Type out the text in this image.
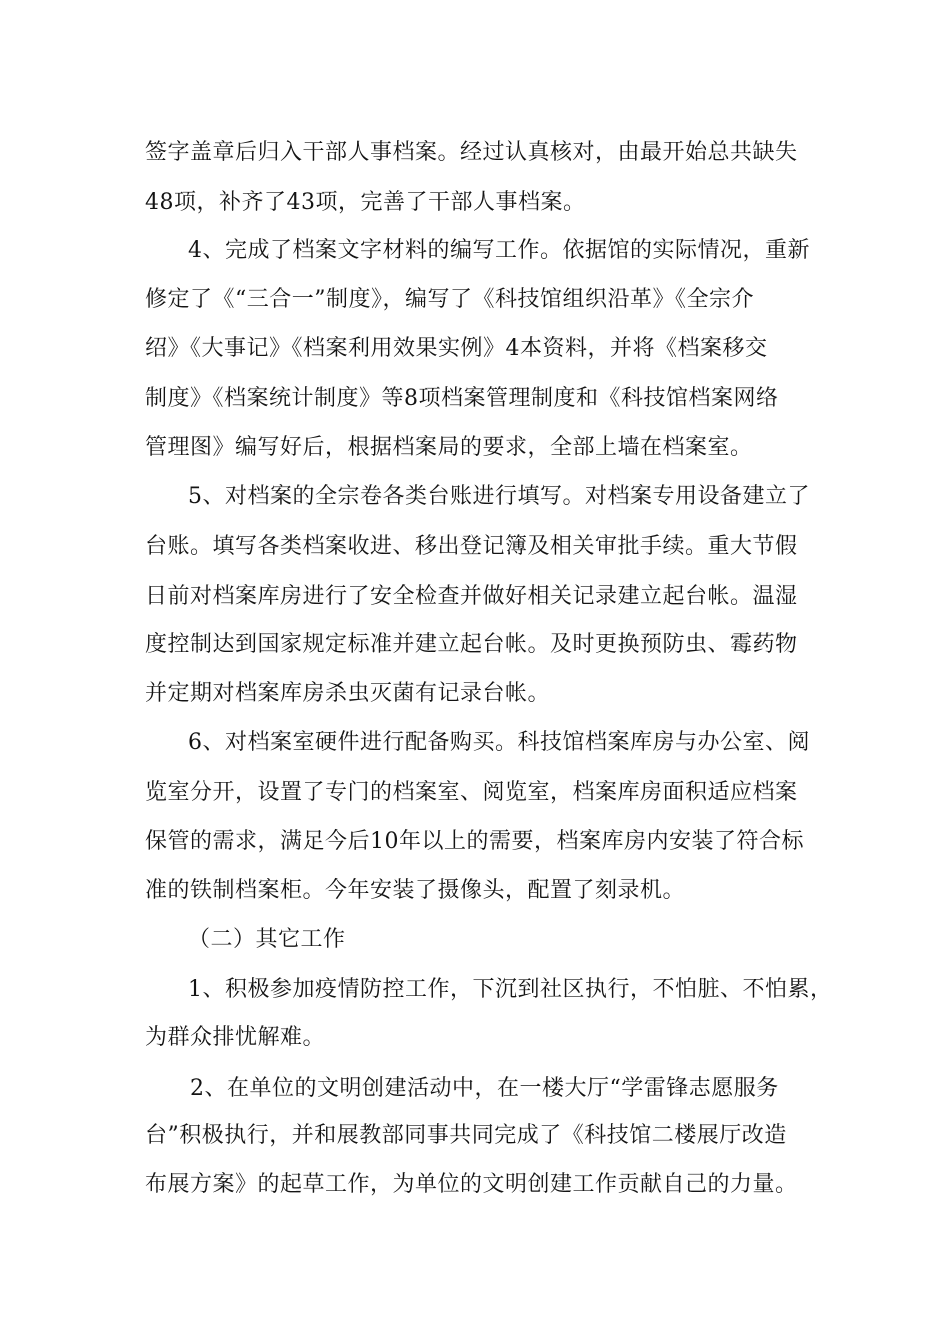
签字盖章后归入干部人事档案。经过认真核对，由最开始总共缺失
48项，补齐了43项，完善了干部人事档案。
4、完成了档案文字材料的编写工作。依据馆的实际情况，重新
修定了《“三合一”制度》，编写了《科技馆组织沿革》《全宗介
绍》《大事记》《档案利用效果实例》4本资料，并将《档案移交
制度》《档案统计制度》等8项档案管理制度和《科技馆档案网络
管理图》编写好后，根据档案局的要求，全部上墙在档案室。
5、对档案的全宗卷各类台账进行填写。对档案专用设备建立了
台账。填写各类档案收进、移出登记簿及相关审批手续。重大节假
日前对档案库房进行了安全检查并做好相关记录建立起台帐。温湿
度控制达到国家规定标准并建立起台帐。及时更换预防虫、霉药物
并定期对档案库房杀虫灭菌有记录台帐。
6、对档案室硬件进行配备购买。科技馆档案库房与办公室、阅
览室分开，设置了专门的档案室、阅览室，档案库房面积适应档案
保管的需求，满足今后10年以上的需要，档案库房内安装了符合标
准的铁制档案柜。今年安装了摄像头，配置了刻录机。
（二）其它工作
1、积极参加疫情防控工作，下沉到社区执行，不怕脏、不怕累，
为群众排忧解难。
2、在单位的文明创建活动中，在一楼大厅“学雷锋志愿服务
台”积极执行，并和展教部同事共同完成了《科技馆二楼展厅改造
布展方案》的起草工作，为单位的文明创建工作贡献自己的力量。
